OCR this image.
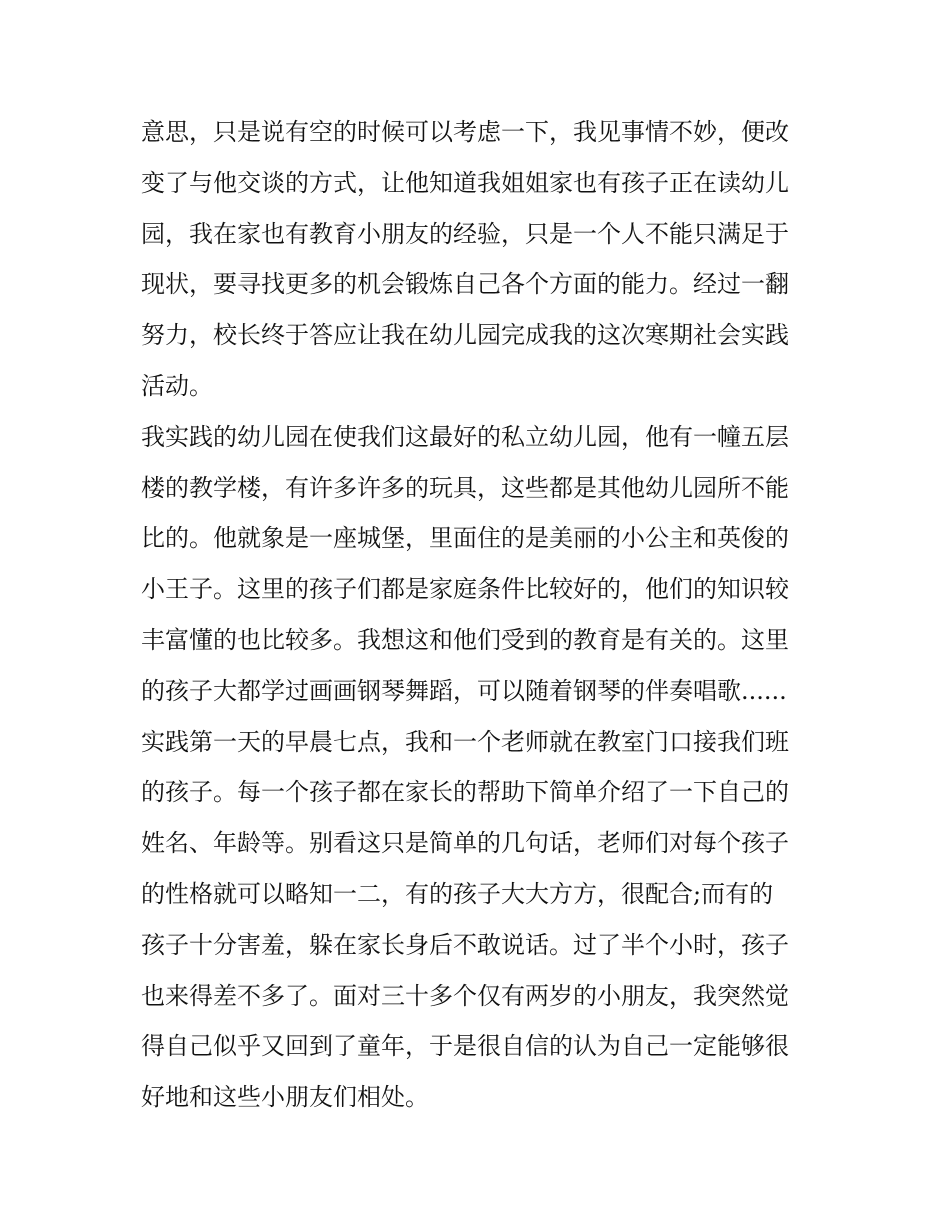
意思，只是说有空的时候可以考虑一下，我见事情不妙，便改
变了与他交谈的方式，让他知道我姐姐家也有孩子正在读幼儿
园，我在家也有教育小朋友的经验，只是一个人不能只满足于
现状，要寻找更多的机会锻炼自己各个方面的能力。经过一翻
努力，校长终于答应让我在幼儿园完成我的这次寒期社会实践
活动。
我实践的幼儿园在使我们这最好的私立幼儿园，他有一幢五层
楼的教学楼，有许多许多的玩具，这些都是其他幼儿园所不能
比的。他就象是一座城堡，里面住的是美丽的小公主和英俊的
小王子。这里的孩子们都是家庭条件比较好的，他们的知识较
丰富懂的也比较多。我想这和他们受到的教育是有关的。这里
的孩子大都学过画画钢琴舞蹈，可以随着钢琴的伴奏唱歌......
实践第一天的早晨七点，我和一个老师就在教室门口接我们班
的孩子。每一个孩子都在家长的帮助下简单介绍了一下自己的
姓名、年龄等。别看这只是简单的几句话，老师们对每个孩子
的性格就可以略知一二，有的孩子大大方方，很配合;而有的
孩子十分害羞，躲在家长身后不敢说话。过了半个小时，孩子
也来得差不多了。面对三十多个仅有两岁的小朋友，我突然觉
得自己似乎又回到了童年，于是很自信的认为自己一定能够很
好地和这些小朋友们相处。
